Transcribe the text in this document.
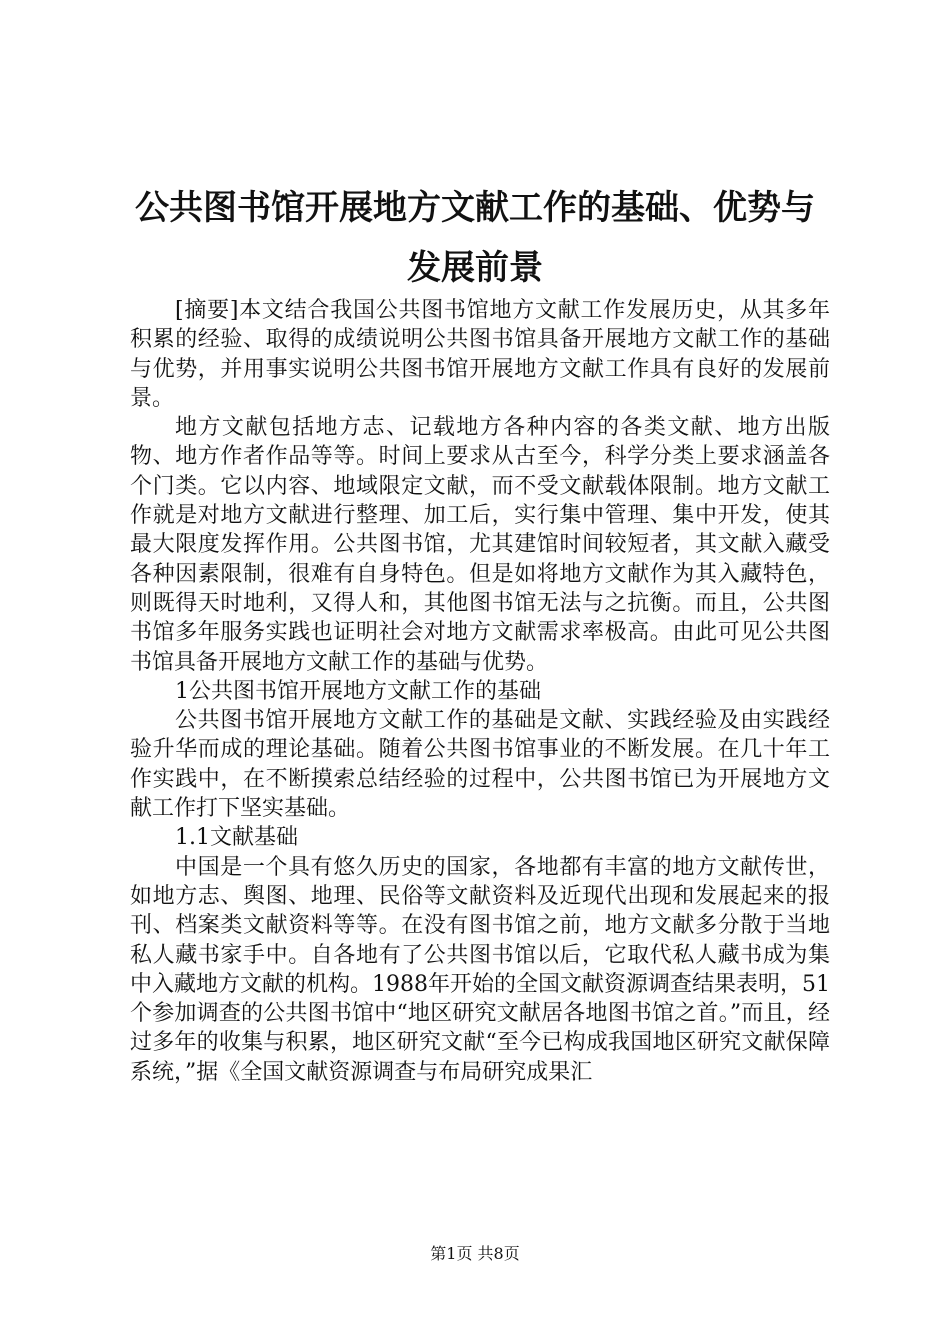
公共图书馆开展地方文献工作的基础、优势与
发展前景

[摘要]本文结合我国公共图书馆地方文献工作发展历史，从其多年积累的经验、取得的成绩说明公共图书馆具备开展地方文献工作的基础与优势，并用事实说明公共图书馆开展地方文献工作具有良好的发展前景。

地方文献包括地方志、记载地方各种内容的各类文献、地方出版物、地方作者作品等等。时间上要求从古至今，科学分类上要求涵盖各个门类。它以内容、地域限定文献，而不受文献载体限制。地方文献工作就是对地方文献进行整理、加工后，实行集中管理、集中开发，使其最大限度发挥作用。公共图书馆，尤其建馆时间较短者，其文献入藏受各种因素限制，很难有自身特色。但是如将地方文献作为其入藏特色，则既得天时地利，又得人和，其他图书馆无法与之抗衡。而且，公共图书馆多年服务实践也证明社会对地方文献需求率极高。由此可见公共图书馆具备开展地方文献工作的基础与优势。

1公共图书馆开展地方文献工作的基础

公共图书馆开展地方文献工作的基础是文献、实践经验及由实践经验升华而成的理论基础。随着公共图书馆事业的不断发展。在几十年工作实践中，在不断摸索总结经验的过程中，公共图书馆已为开展地方文献工作打下坚实基础。

1.1文献基础

中国是一个具有悠久历史的国家，各地都有丰富的地方文献传世，如地方志、舆图、地理、民俗等文献资料及近现代出现和发展起来的报刊、档案类文献资料等等。在没有图书馆之前，地方文献多分散于当地私人藏书家手中。自各地有了公共图书馆以后，它取代私人藏书成为集中入藏地方文献的机构。1988年开始的全国文献资源调查结果表明，51个参加调查的公共图书馆中“地区研究文献居各地图书馆之首。”而且，经过多年的收集与积累，地区研究文献“至今已构成我国地区研究文献保障系统，”据《全国文献资源调查与布局研究成果汇

第1页 共8页
